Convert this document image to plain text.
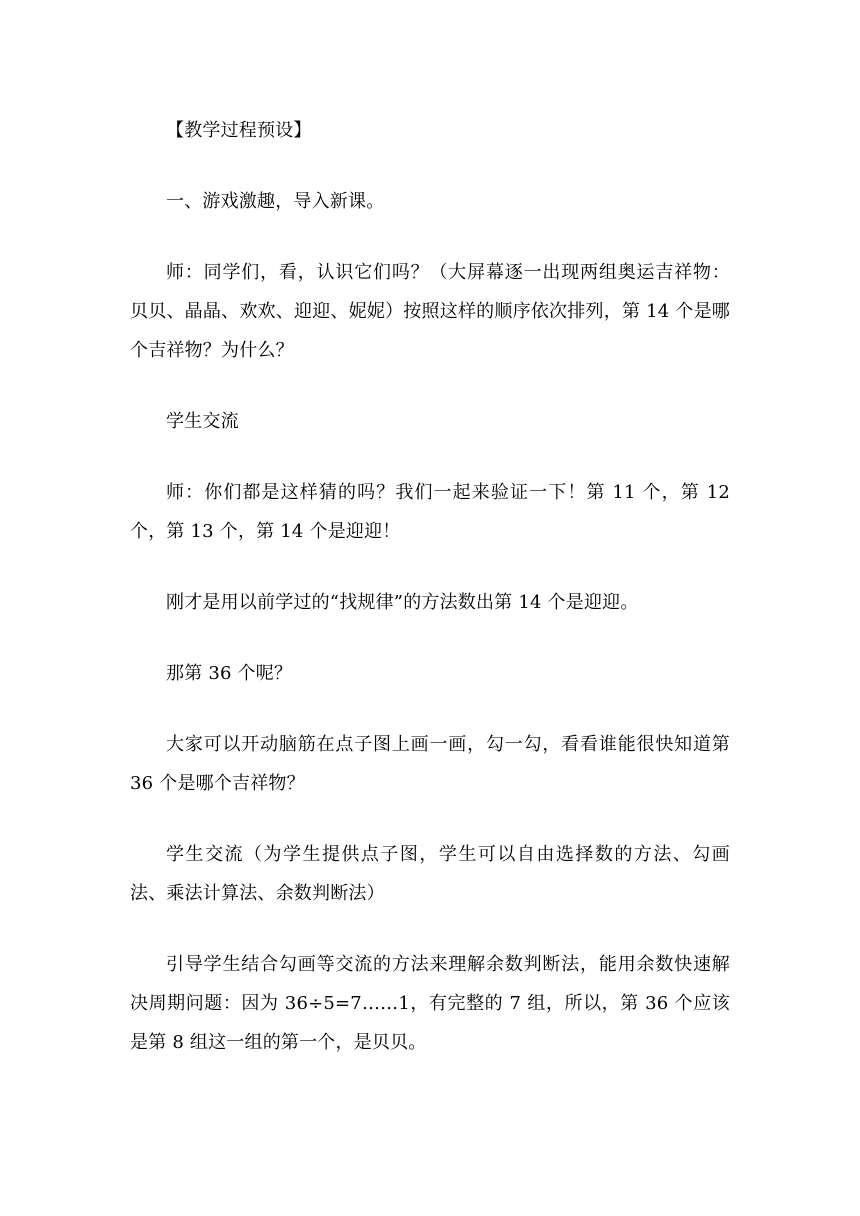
【教学过程预设】

一、游戏激趣，导入新课。

师：同学们，看，认识它们吗？（大屏幕逐一出现两组奥运吉祥物：贝贝、晶晶、欢欢、迎迎、妮妮）按照这样的顺序依次排列，第 14 个是哪个吉祥物？为什么？

学生交流

师：你们都是这样猜的吗？我们一起来验证一下！第 11 个，第 12 个，第 13 个，第 14 个是迎迎！

刚才是用以前学过的“找规律”的方法数出第 14 个是迎迎。

那第 36 个呢？

大家可以开动脑筋在点子图上画一画，勾一勾，看看谁能很快知道第 36 个是哪个吉祥物？

学生交流（为学生提供点子图，学生可以自由选择数的方法、勾画法、乘法计算法、余数判断法）

引导学生结合勾画等交流的方法来理解余数判断法，能用余数快速解决周期问题：因为 36÷5=7……1，有完整的 7 组，所以，第 36 个应该是第 8 组这一组的第一个，是贝贝。
